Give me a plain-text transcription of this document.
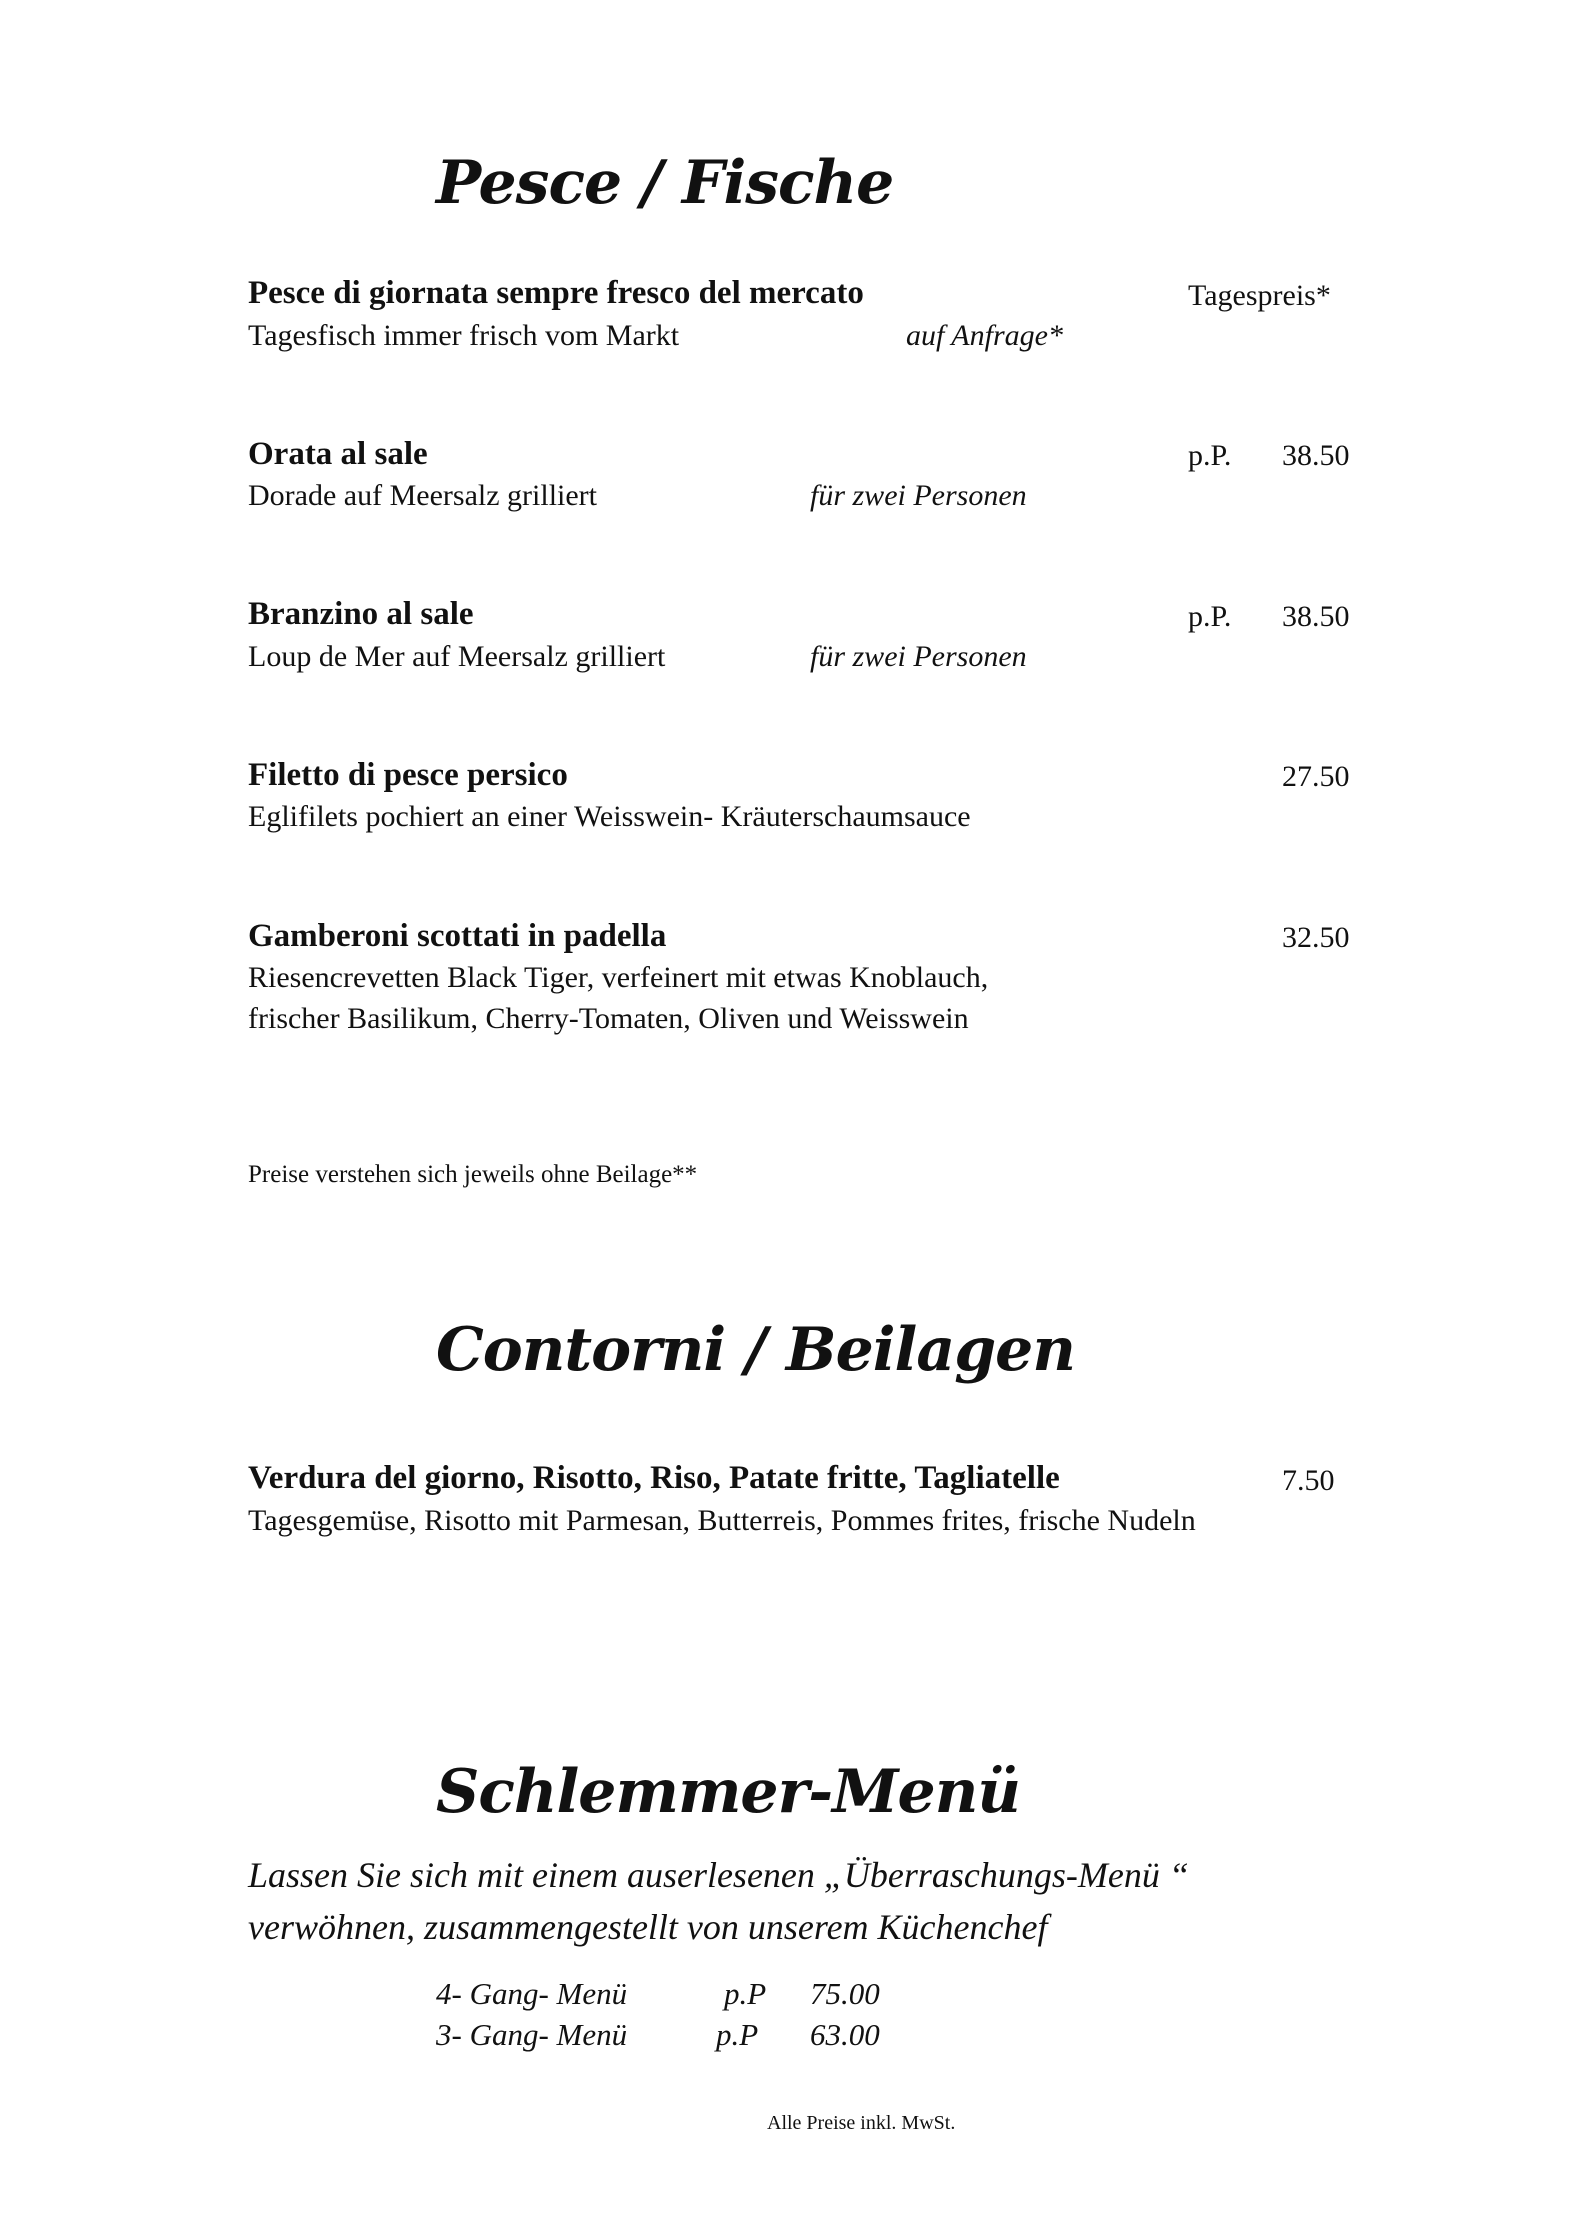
Pesce / Fische
Pesce di giornata sempre fresco del mercato	Tagespreis*
Tagesfisch immer frisch vom Markt	auf Anfrage*
Orata al sale	p.P. 38.50
Dorade auf Meersalz grilliert	für zwei Personen
Branzino al sale	p.P. 38.50
Loup de Mer auf Meersalz grilliert	für zwei Personen
Filetto di pesce persico	27.50
Eglifilets pochiert an einer Weisswein- Kräuterschaumsauce
Gamberoni scottati in padella	32.50
Riesencrevetten Black Tiger, verfeinert mit etwas Knoblauch,
frischer Basilikum, Cherry-Tomaten, Oliven und Weisswein
Preise verstehen sich jeweils ohne Beilage**
Contorni / Beilagen
Verdura del giorno, Risotto, Riso, Patate fritte, Tagliatelle	7.50
Tagesgemüse, Risotto mit Parmesan, Butterreis, Pommes frites, frische Nudeln
Schlemmer-Menü
Lassen Sie sich mit einem auserlesenen „Überraschungs-Menü “
verwöhnen, zusammengestellt von unserem Küchenchef
4- Gang- Menü	p.P 75.00
3- Gang- Menü	p.P 63.00
Alle Preise inkl. MwSt.
